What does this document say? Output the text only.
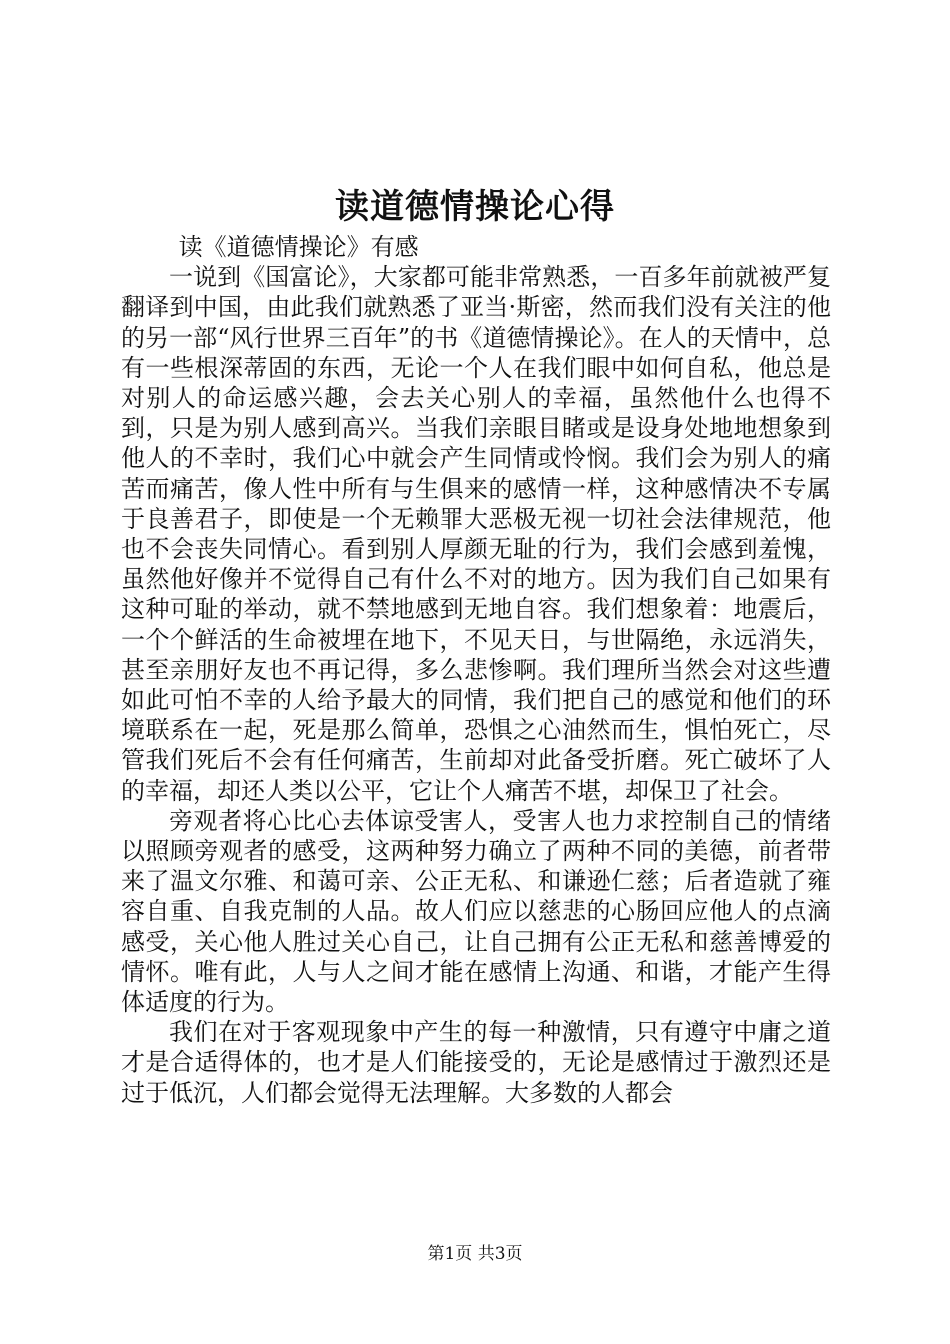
读道德情操论心得

读《道德情操论》有感

一说到《国富论》，大家都可能非常熟悉，一百多年前就被严复翻译到中国，由此我们就熟悉了亚当·斯密，然而我们没有关注的他的另一部“风行世界三百年”的书《道德情操论》。在人的天情中，总有一些根深蒂固的东西，无论一个人在我们眼中如何自私，他总是对别人的命运感兴趣，会去关心别人的幸福，虽然他什么也得不到，只是为别人感到高兴。当我们亲眼目睹或是设身处地地想象到他人的不幸时，我们心中就会产生同情或怜悯。我们会为别人的痛苦而痛苦，像人性中所有与生俱来的感情一样，这种感情决不专属于良善君子，即使是一个无赖罪大恶极无视一切社会法律规范，他也不会丧失同情心。看到别人厚颜无耻的行为，我们会感到羞愧，虽然他好像并不觉得自己有什么不对的地方。因为我们自己如果有这种可耻的举动，就不禁地感到无地自容。我们想象着：地震后，一个个鲜活的生命被埋在地下，不见天日，与世隔绝，永远消失，甚至亲朋好友也不再记得，多么悲惨啊。我们理所当然会对这些遭如此可怕不幸的人给予最大的同情，我们把自己的感觉和他们的环境联系在一起，死是那么简单，恐惧之心油然而生，惧怕死亡，尽管我们死后不会有任何痛苦，生前却对此备受折磨。死亡破坏了人的幸福，却还人类以公平，它让个人痛苦不堪，却保卫了社会。

旁观者将心比心去体谅受害人，受害人也力求控制自己的情绪以照顾旁观者的感受，这两种努力确立了两种不同的美德，前者带来了温文尔雅、和蔼可亲、公正无私、和谦逊仁慈；后者造就了雍容自重、自我克制的人品。故人们应以慈悲的心肠回应他人的点滴感受，关心他人胜过关心自己，让自己拥有公正无私和慈善博爱的情怀。唯有此，人与人之间才能在感情上沟通、和谐，才能产生得体适度的行为。

我们在对于客观现象中产生的每一种激情，只有遵守中庸之道才是合适得体的，也才是人们能接受的，无论是感情过于激烈还是过于低沉，人们都会觉得无法理解。大多数的人都会

第1页 共3页
